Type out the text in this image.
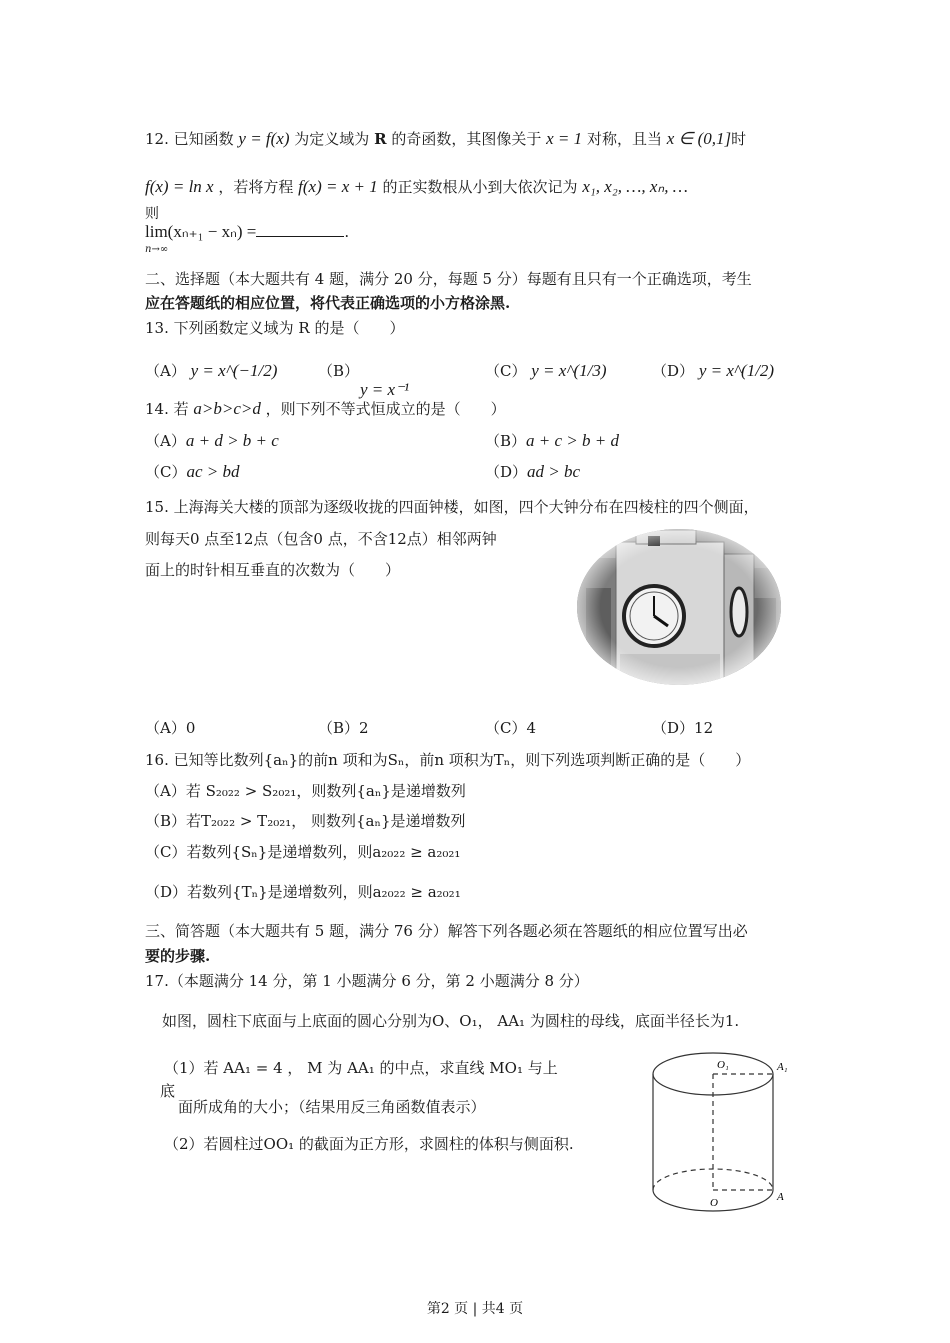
12. 已知函数 y = f(x) 为定义域为 R 的奇函数，其图像关于 x = 1 对称，且当 x ∈ (0,1]时
f(x) = ln x ，若将方程 f(x) = x + 1 的正实数根从小到大依次记为 x₁, x₂, …, xₙ, …
则
lim(xₙ₊₁ − xₙ) =	.
n→∞
二、选择题（本大题共有 4 题，满分 20 分，每题 5 分）每题有且只有一个正确选项，考生
应在答题纸的相应位置，将代表正确选项的小方格涂黑.
13. 下列函数定义域为 R 的是（　　）
（A） y = x^(−1/2)	（B）
y = x⁻¹
（C） y = x^(1/3)	（D） y = x^(1/2)
14. 若 a>b>c>d ，则下列不等式恒成立的是（　　）
（A）a + d > b + c	（B）a + c > b + d
（C）ac > bd	（D）ad > bc
15. 上海海关大楼的顶部为逐级收拢的四面钟楼，如图，四个大钟分布在四棱柱的四个侧面，
则每天0 点至12点（包含0 点，不含12点）相邻两钟
面上的时针相互垂直的次数为（　　）
（A）0	（B）2	（C）4	（D）12
16. 已知等比数列{aₙ}的前n 项和为Sₙ，前n 项积为Tₙ，则下列选项判断正确的是（　　）
（A）若 S₂₀₂₂ > S₂₀₂₁，则数列{aₙ}是递增数列
（B）若T₂₀₂₂ > T₂₀₂₁， 则数列{aₙ}是递增数列
（C）若数列{Sₙ}是递增数列，则a₂₀₂₂ ≥ a₂₀₂₁
（D）若数列{Tₙ}是递增数列，则a₂₀₂₂ ≥ a₂₀₂₁
三、简答题（本大题共有 5 题，满分 76 分）解答下列各题必须在答题纸的相应位置写出必
要的步骤.
17.（本题满分 14 分，第 1 小题满分 6 分，第 2 小题满分 8 分）
如图，圆柱下底面与上底面的圆心分别为O、O₁， AA₁ 为圆柱的母线，底面半径长为1.
（1）若 AA₁ = 4 ， M 为 AA₁ 的中点，求直线 MO₁ 与上
底
面所成角的大小；（结果用反三角函数值表示）
（2）若圆柱过OO₁ 的截面为正方形，求圆柱的体积与侧面积.
O₁	A₁
O	A
第2 页 | 共4 页
